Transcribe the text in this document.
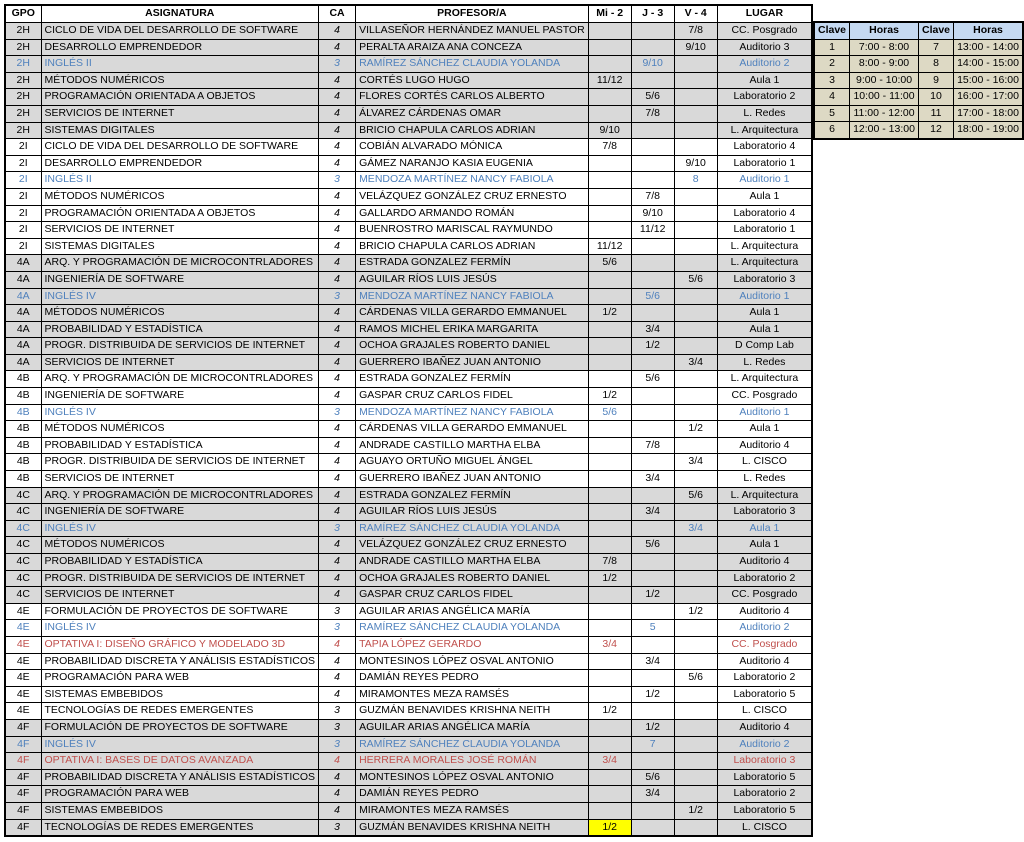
GPO	ASIGNATURA	CA	PROFESOR/A	Mi - 2	J - 3	V - 4	LUGAR
2H	CICLO DE VIDA DEL DESARROLLO DE SOFTWARE	4	VILLASEÑOR HERNÁNDEZ MANUEL PASTOR			7/8	CC. Posgrado
2H	DESARROLLO EMPRENDEDOR	4	PERALTA ARAIZA ANA CONCEZA			9/10	Auditorio 3
2H	INGLÉS II	3	RAMÍREZ SÁNCHEZ CLAUDIA YOLANDA		9/10		Auditorio 2
2H	MÉTODOS NUMÉRICOS	4	CORTÉS LUGO HUGO	11/12			Aula 1
2H	PROGRAMACIÓN ORIENTADA A OBJETOS	4	FLORES CORTÉS CARLOS ALBERTO		5/6		Laboratorio 2
2H	SERVICIOS DE INTERNET	4	ÁLVAREZ CÁRDENAS OMAR		7/8		L. Redes
2H	SISTEMAS DIGITALES	4	BRICIO CHAPULA CARLOS ADRIAN	9/10			L. Arquitectura
2I	CICLO DE VIDA DEL DESARROLLO DE SOFTWARE	4	COBIÁN ALVARADO MÓNICA	7/8			Laboratorio 4
2I	DESARROLLO EMPRENDEDOR	4	GÁMEZ NARANJO KASIA EUGENIA			9/10	Laboratorio 1
2I	INGLÉS II	3	MENDOZA MARTÍNEZ NANCY FABIOLA			8	Auditorio 1
2I	MÉTODOS NUMÉRICOS	4	VELÁZQUEZ GONZÁLEZ CRUZ ERNESTO		7/8		Aula 1
2I	PROGRAMACIÓN ORIENTADA A OBJETOS	4	GALLARDO ARMANDO ROMÁN		9/10		Laboratorio 4
2I	SERVICIOS DE INTERNET	4	BUENROSTRO MARISCAL RAYMUNDO		11/12		Laboratorio 1
2I	SISTEMAS DIGITALES	4	BRICIO CHAPULA CARLOS ADRIAN	11/12			L. Arquitectura
4A	ARQ. Y PROGRAMACIÓN DE MICROCONTRLADORES	4	ESTRADA GONZALEZ FERMÍN	5/6			L. Arquitectura
4A	INGENIERÍA DE SOFTWARE	4	AGUILAR RÍOS LUIS JESÚS			5/6	Laboratorio 3
4A	INGLÉS IV	3	MENDOZA MARTÍNEZ NANCY FABIOLA		5/6		Auditorio 1
4A	MÉTODOS NUMÉRICOS	4	CÁRDENAS VILLA GERARDO EMMANUEL	1/2			Aula 1
4A	PROBABILIDAD Y ESTADÍSTICA	4	RAMOS MICHEL ERIKA MARGARITA		3/4		Aula 1
4A	PROGR. DISTRIBUIDA DE SERVICIOS DE INTERNET	4	OCHOA GRAJALES ROBERTO DANIEL		1/2		D Comp Lab
4A	SERVICIOS DE INTERNET	4	GUERRERO IBAÑEZ JUAN ANTONIO			3/4	L. Redes
4B	ARQ. Y PROGRAMACIÓN DE MICROCONTRLADORES	4	ESTRADA GONZALEZ FERMÍN		5/6		L. Arquitectura
4B	INGENIERÍA DE SOFTWARE	4	GASPAR CRUZ CARLOS FIDEL	1/2			CC. Posgrado
4B	INGLÉS IV	3	MENDOZA MARTÍNEZ NANCY FABIOLA	5/6			Auditorio 1
4B	MÉTODOS NUMÉRICOS	4	CÁRDENAS VILLA GERARDO EMMANUEL			1/2	Aula 1
4B	PROBABILIDAD Y ESTADÍSTICA	4	ANDRADE CASTILLO MARTHA ELBA		7/8		Auditorio 4
4B	PROGR. DISTRIBUIDA DE SERVICIOS DE INTERNET	4	AGUAYO ORTUÑO MIGUEL ÁNGEL			3/4	L. CISCO
4B	SERVICIOS DE INTERNET	4	GUERRERO IBAÑEZ JUAN ANTONIO		3/4		L. Redes
4C	ARQ. Y PROGRAMACIÓN DE MICROCONTRLADORES	4	ESTRADA GONZALEZ FERMÍN			5/6	L. Arquitectura
4C	INGENIERÍA DE SOFTWARE	4	AGUILAR RÍOS LUIS JESÚS		3/4		Laboratorio 3
4C	INGLÉS IV	3	RAMÍREZ SÁNCHEZ CLAUDIA YOLANDA			3/4	Aula 1
4C	MÉTODOS NUMÉRICOS	4	VELÁZQUEZ GONZÁLEZ CRUZ ERNESTO		5/6		Aula 1
4C	PROBABILIDAD Y ESTADÍSTICA	4	ANDRADE CASTILLO MARTHA ELBA	7/8			Auditorio 4
4C	PROGR. DISTRIBUIDA DE SERVICIOS DE INTERNET	4	OCHOA GRAJALES ROBERTO DANIEL	1/2			Laboratorio 2
4C	SERVICIOS DE INTERNET	4	GASPAR CRUZ CARLOS FIDEL		1/2		CC. Posgrado
4E	FORMULACIÓN DE PROYECTOS DE SOFTWARE	3	AGUILAR ARIAS ANGÉLICA MARÍA			1/2	Auditorio 4
4E	INGLÉS IV	3	RAMÍREZ SÁNCHEZ CLAUDIA YOLANDA		5		Auditorio 2
4E	OPTATIVA I: DISEÑO GRÁFICO Y MODELADO 3D	4	TAPIA LÓPEZ GERARDO	3/4			CC. Posgrado
4E	PROBABILIDAD DISCRETA Y ANÁLISIS ESTADÍSTICOS	4	MONTESINOS LÓPEZ OSVAL ANTONIO		3/4		Auditorio 4
4E	PROGRAMACIÓN PARA WEB	4	DAMIÁN REYES PEDRO			5/6	Laboratorio 2
4E	SISTEMAS EMBEBIDOS	4	MIRAMONTES MEZA RAMSÉS		1/2		Laboratorio 5
4E	TECNOLOGÍAS DE REDES EMERGENTES	3	GUZMÁN BENAVIDES KRISHNA NEITH	1/2			L. CISCO
4F	FORMULACIÓN DE PROYECTOS DE SOFTWARE	3	AGUILAR ARIAS ANGÉLICA MARÍA		1/2		Auditorio 4
4F	INGLÉS IV	3	RAMÍREZ SÁNCHEZ CLAUDIA YOLANDA		7		Auditorio 2
4F	OPTATIVA I: BASES DE DATOS AVANZADA	4	HERRERA MORALES JOSÉ ROMÁN	3/4			Laboratorio 3
4F	PROBABILIDAD DISCRETA Y ANÁLISIS ESTADÍSTICOS	4	MONTESINOS LÓPEZ OSVAL ANTONIO		5/6		Laboratorio 5
4F	PROGRAMACIÓN PARA WEB	4	DAMIÁN REYES PEDRO		3/4		Laboratorio 2
4F	SISTEMAS EMBEBIDOS	4	MIRAMONTES MEZA RAMSÉS			1/2	Laboratorio 5
4F	TECNOLOGÍAS DE REDES EMERGENTES	3	GUZMÁN BENAVIDES KRISHNA NEITH	1/2			L. CISCO
Clave	Horas	Clave	Horas
1	7:00 - 8:00	7	13:00 - 14:00
2	8:00 - 9:00	8	14:00 - 15:00
3	9:00 - 10:00	9	15:00 - 16:00
4	10:00 - 11:00	10	16:00 - 17:00
5	11:00 - 12:00	11	17:00 - 18:00
6	12:00 - 13:00	12	18:00 - 19:00
